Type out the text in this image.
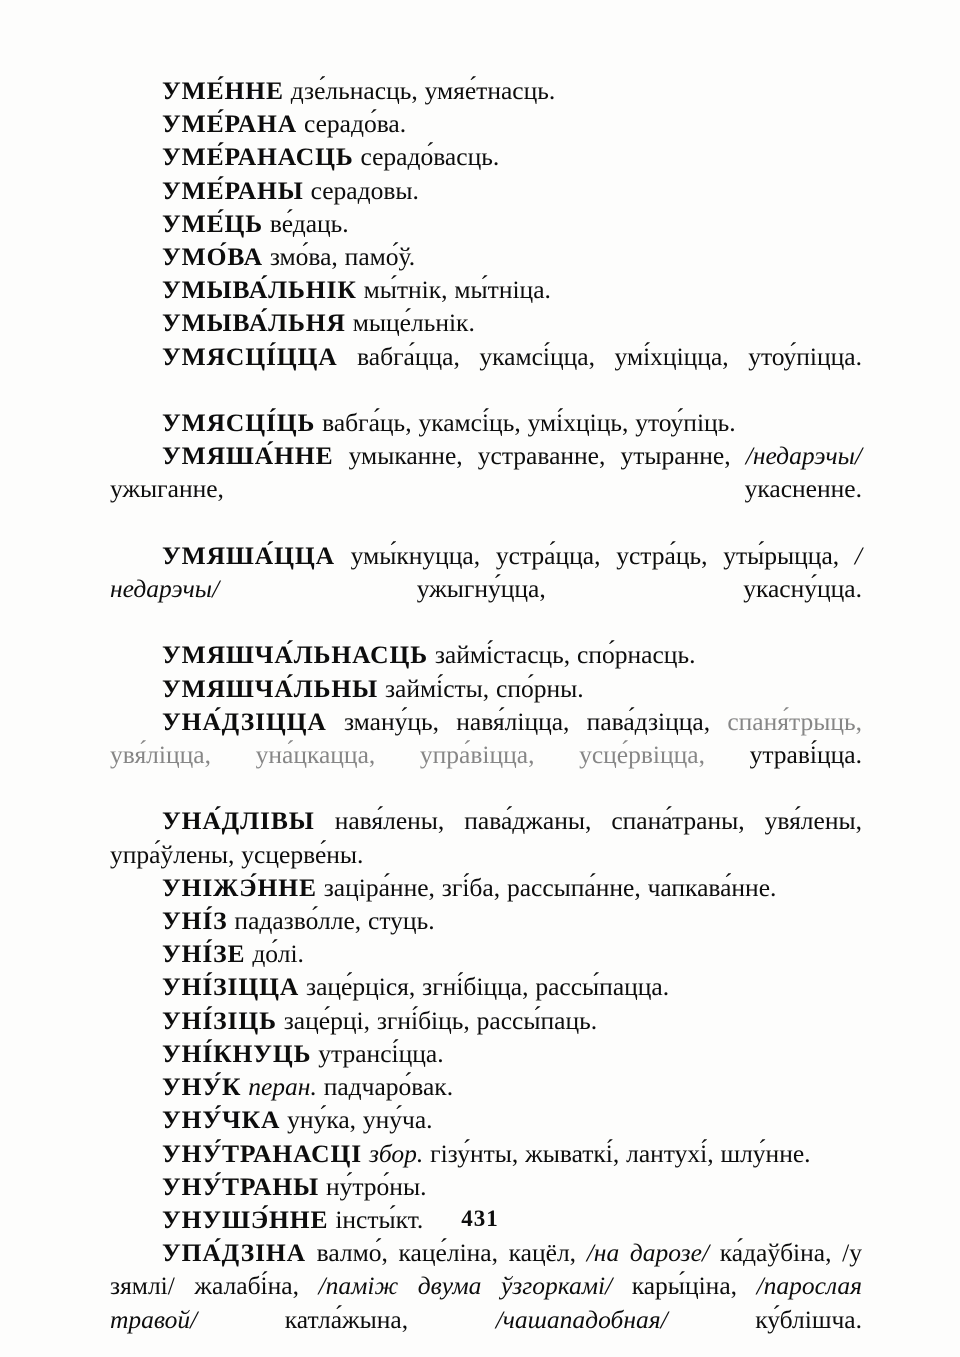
УМЕ́ННЕ дзе́льнасць, умяе́тнасць.

УМЕ́РАНА серадо́ва.

УМЕ́РАНАСЦЬ серадо́васць.

УМЕ́РАНЫ серадовы.

УМЕ́ЦЬ ве́даць.

УМО́ВА змо́ва, памо́ў.

УМЫВА́ЛЬНІК мы́тнік, мы́тніца.

УМЫВА́ЛЬНЯ мыце́льнік.

УМЯСЦІ́ЦЦА вабга́цца, укамсі́цца, умі́хціцца, утоу́піцца.

УМЯСЦІ́ЦЬ вабга́ць, укамсі́ць, умі́хціць, утоу́піць.

УМЯША́ННЕ умыканне, устраванне, утыранне, /недарэчы/ ужыганне, укасненне.

УМЯША́ЦЦА умы́кнуцца, устра́цца, устра́ць, уты́рыцца, /недарэчы/ ужыгну́цца, укасну́цца.

УМЯШЧА́ЛЬНАСЦЬ займі́стасць, спо́рнасць.

УМЯШЧА́ЛЬНЫ займі́сты, спо́рны.

УНА́ДЗІЦЦА зману́ць, навя́ліцца, пава́дзіцца, спаня́трыць, увя́ліцца, уна́цкацца, упра́віцца, усце́рвіцца, утраві́цца.

УНА́ДЛІВЫ навя́лены, пава́джаны, спана́траны, увя́лены, упра́ўлены, усцерве́ны.

УНІЖЭ́ННЕ заціра́нне, згі́ба, рассыпа́нне, чапкава́нне.

УНІ́З падазво́лле, стуць.

УНІ́ЗЕ до́лі.

УНІ́ЗІЦЦА заце́рціся, згні́біцца, рассы́пацца.

УНІ́ЗІЦЬ заце́рці, згні́біць, рассы́паць.

УНІ́КНУЦЬ утрансі́цца.

УНУ́К перан. падчаро́вак.

УНУ́ЧКА уну́ка, уну́ча.

УНУ́ТРАНАСЦІ збор. гізу́нты, жываткі́, лантухі́, шлу́нне.

УНУ́ТРАНЫ ну́тро́ны.

УНУШЭ́ННЕ інсты́кт.

УПА́ДЗІНА валмо́, каце́ліна, кацёл, /на дарозе/ ка́даўбіна, /у зямлі/ жалабі́на, /паміж двума ўзгоркамі/ кары́ціна, /парослая травой/ катла́жына, /чашападобная/ ку́блішча.

431
